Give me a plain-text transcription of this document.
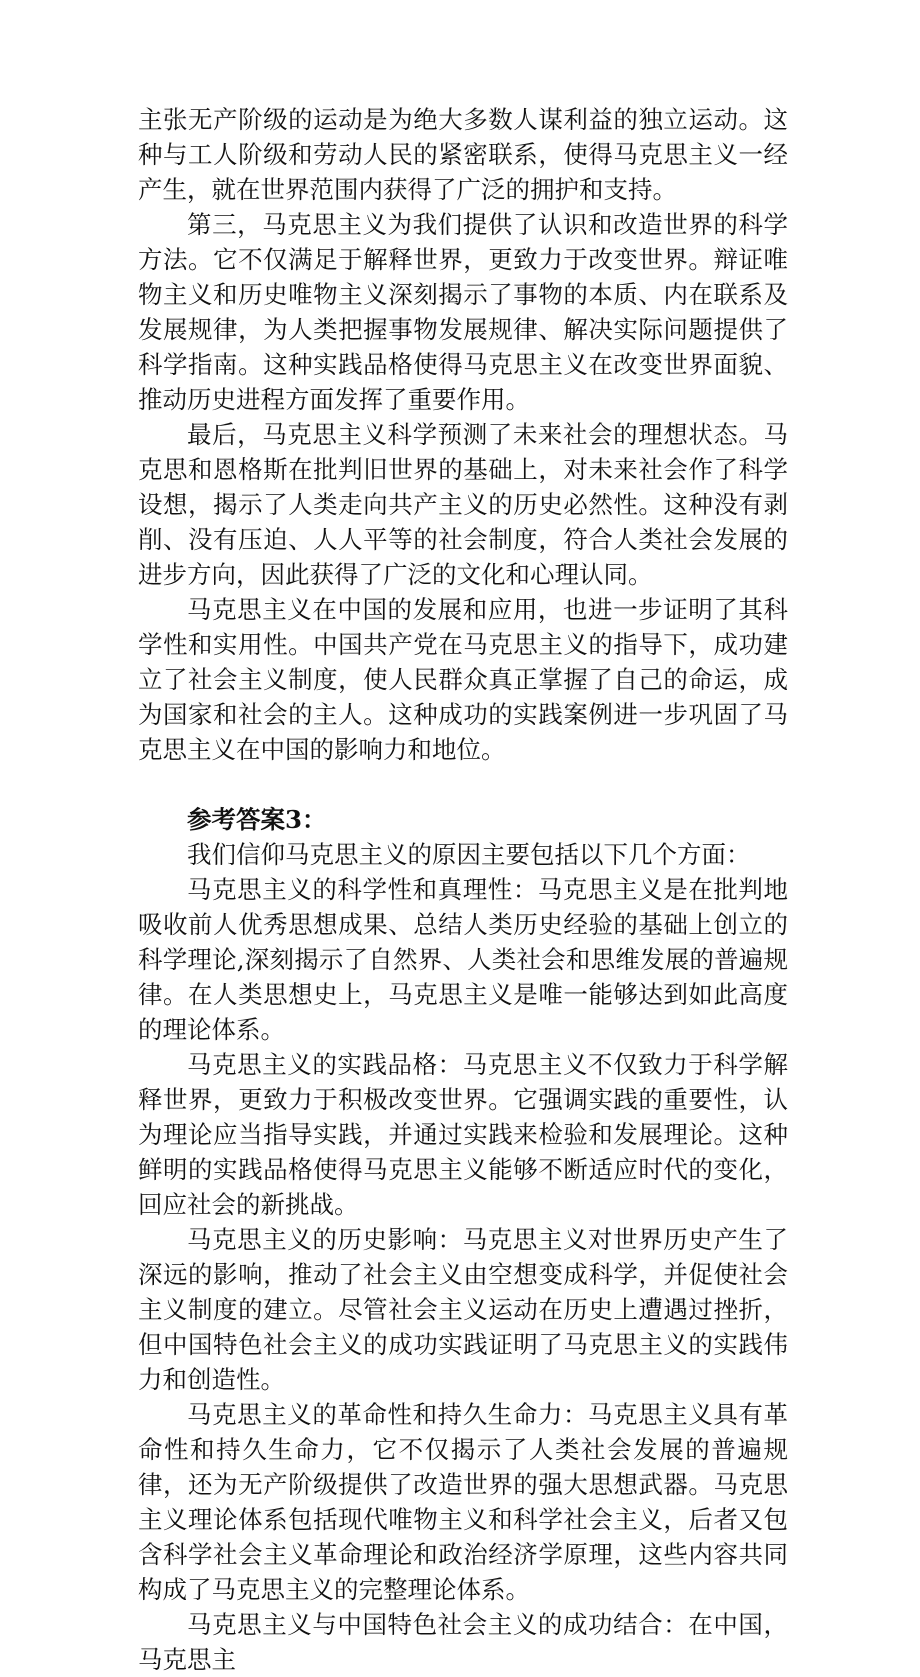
主张无产阶级的运动是为绝大多数人谋利益的独立运动。这种与工人阶级和劳动人民的紧密联系，使得马克思主义一经产生，就在世界范围内获得了广泛的拥护和支持。

第三，马克思主义为我们提供了认识和改造世界的科学方法。它不仅满足于解释世界，更致力于改变世界。辩证唯物主义和历史唯物主义深刻揭示了事物的本质、内在联系及发展规律，为人类把握事物发展规律、解决实际问题提供了科学指南。这种实践品格使得马克思主义在改变世界面貌、推动历史进程方面发挥了重要作用。

最后，马克思主义科学预测了未来社会的理想状态。马克思和恩格斯在批判旧世界的基础上，对未来社会作了科学设想，揭示了人类走向共产主义的历史必然性。这种没有剥削、没有压迫、人人平等的社会制度，符合人类社会发展的进步方向，因此获得了广泛的文化和心理认同。

马克思主义在中国的发展和应用，也进一步证明了其科学性和实用性。中国共产党在马克思主义的指导下，成功建立了社会主义制度，使人民群众真正掌握了自己的命运，成为国家和社会的主人。这种成功的实践案例进一步巩固了马克思主义在中国的影响力和地位。

参考答案3：

我们信仰马克思主义的原因主要包括以下几个方面：

马克思主义的科学性和真理性：马克思主义是在批判地吸收前人优秀思想成果、总结人类历史经验的基础上创立的科学理论,深刻揭示了自然界、人类社会和思维发展的普遍规律。在人类思想史上，马克思主义是唯一能够达到如此高度的理论体系。

马克思主义的实践品格：马克思主义不仅致力于科学解释世界，更致力于积极改变世界。它强调实践的重要性，认为理论应当指导实践，并通过实践来检验和发展理论。这种鲜明的实践品格使得马克思主义能够不断适应时代的变化，回应社会的新挑战。

马克思主义的历史影响：马克思主义对世界历史产生了深远的影响，推动了社会主义由空想变成科学，并促使社会主义制度的建立。尽管社会主义运动在历史上遭遇过挫折，但中国特色社会主义的成功实践证明了马克思主义的实践伟力和创造性。

马克思主义的革命性和持久生命力：马克思主义具有革命性和持久生命力，它不仅揭示了人类社会发展的普遍规律，还为无产阶级提供了改造世界的强大思想武器。马克思主义理论体系包括现代唯物主义和科学社会主义，后者又包含科学社会主义革命理论和政治经济学原理，这些内容共同构成了马克思主义的完整理论体系。

马克思主义与中国特色社会主义的成功结合：在中国，马克思主
